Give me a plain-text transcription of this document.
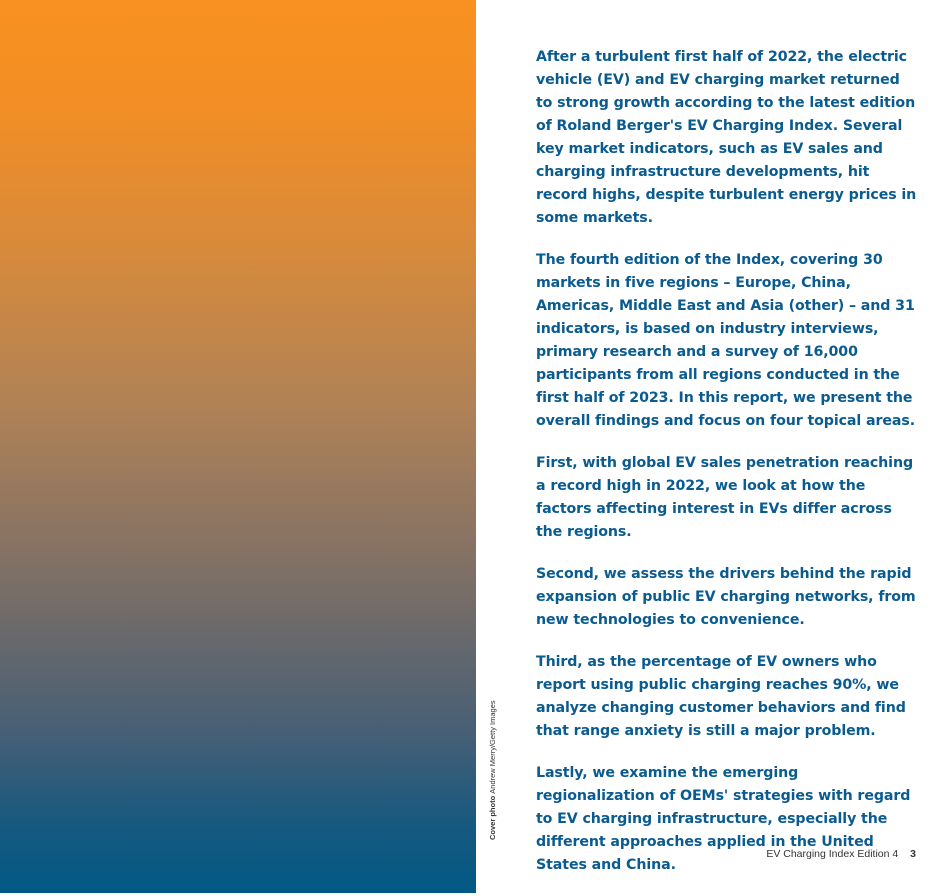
Cover photo Andrew Merry/Getty Images

After a turbulent first half of 2022, the electric vehicle (EV) and EV charging market returned to strong growth according to the latest edition of Roland Berger's EV Charging Index. Several key market indicators, such as EV sales and charging infrastructure developments, hit record highs, despite turbulent energy prices in some markets.

The fourth edition of the Index, covering 30 markets in five regions – Europe, China, Americas, Middle East and Asia (other) – and 31 indicators, is based on industry interviews, primary research and a survey of 16,000 participants from all regions conducted in the first half of 2023. In this report, we present the overall findings and focus on four topical areas.

First, with global EV sales penetration reaching a record high in 2022, we look at how the factors affecting interest in EVs differ across the regions.

Second, we assess the drivers behind the rapid expansion of public EV charging networks, from new technologies to convenience.

Third, as the percentage of EV owners who report using public charging reaches 90%, we analyze changing customer behaviors and find that range anxiety is still a major problem.

Lastly, we examine the emerging regionalization of OEMs' strategies with regard to EV charging infrastructure, especially the different approaches applied in the United States and China.

EV Charging Index Edition 4 3
